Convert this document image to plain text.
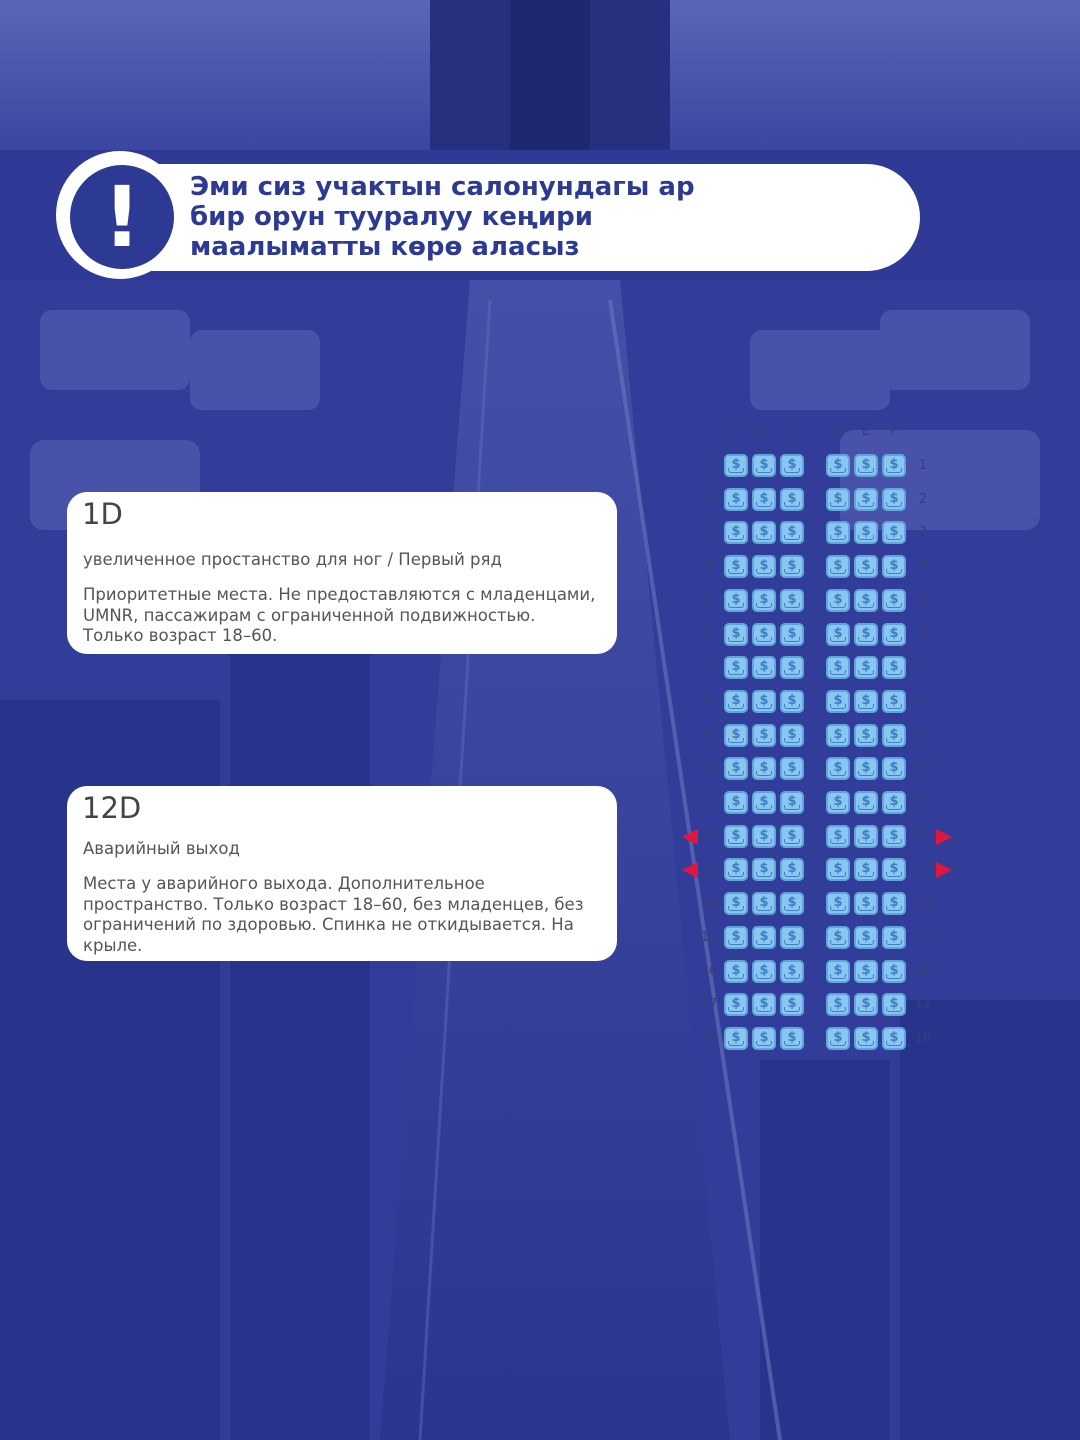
!	Эми сиз учактын салонундагы ар
бир орун тууралуу кеңири
маалыматты көрө аласыз

1D

увеличенное простанство для ног / Первый ряд

Приоритетные места. Не предоставляются с младенцами,
UMNR, пассажирам с ограниченной подвижностью.
Только возраст 18–60.

12D

Аварийный выход

Места у аварийного выхода. Дополнительное
пространство. Только возраст 18–60, без младенцев, без
ограничений по здоровью. Спинка не откидывается. На
крыле.

A	B	C	D	E	F
1	1
$	$	$	$	$	$
2	2
$	$	$	$	$	$
3	3
$	$	$	$	$	$
4	4
$	$	$	$	$	$
5	5
$	$	$	$	$	$
6	6
$	$	$	$	$	$
7	7
$	$	$	$	$	$
8	8
$	$	$	$	$	$
9	9
$	$	$	$	$	$
10	10
$	$	$	$	$	$
11	11
$	$	$	$	$	$
12	12
$	$	$	$	$	$
13	13
$	$	$	$	$	$
14	14
$	$	$	$	$	$
15	15
$	$	$	$	$	$
16	16
$	$	$	$	$	$
17	17
$	$	$	$	$	$
18	18
$	$	$	$	$	$
